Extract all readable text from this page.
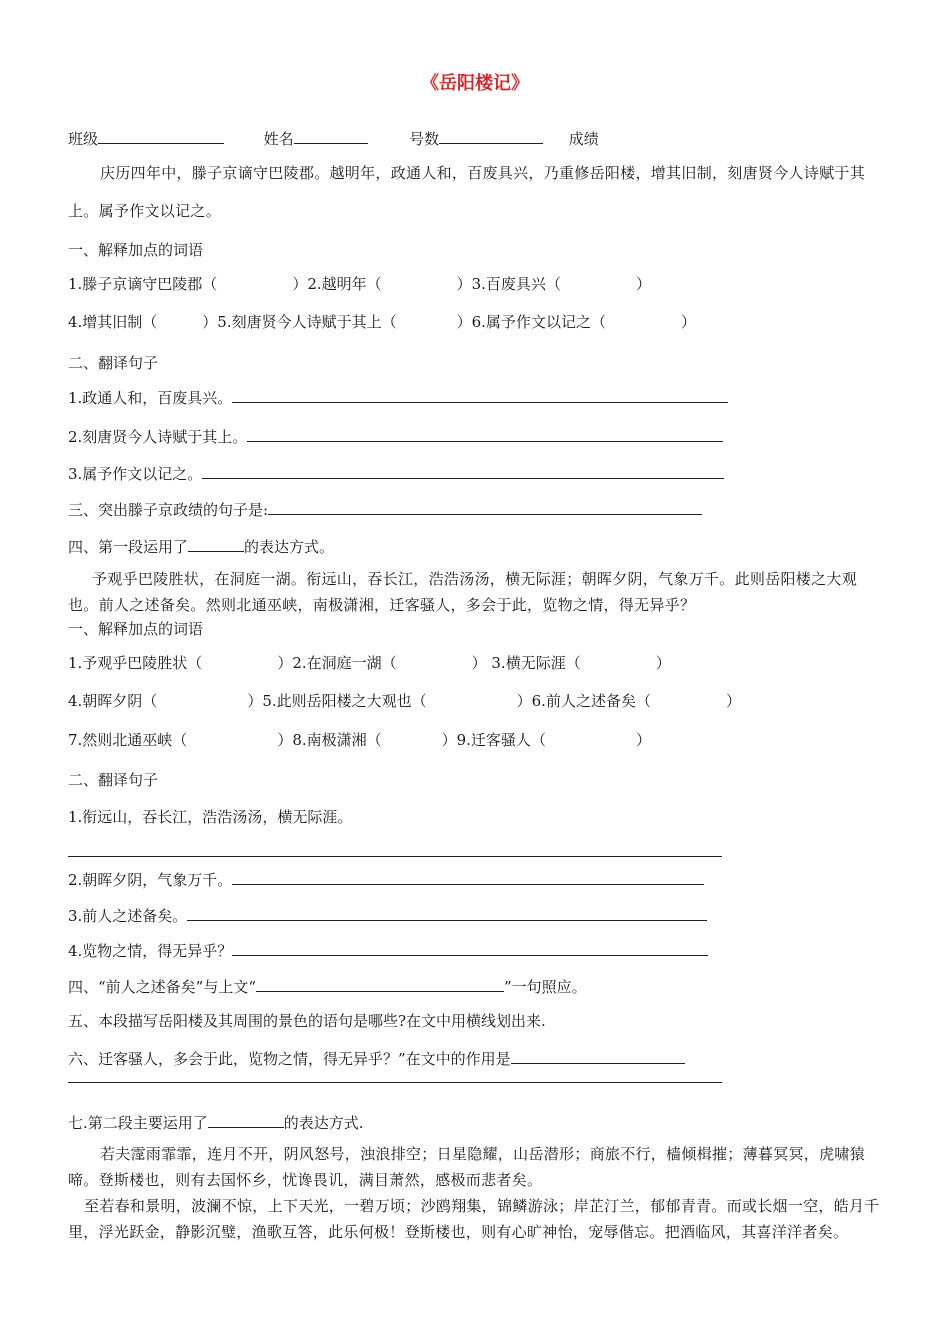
《岳阳楼记》
班级	姓名	号数	成绩
庆历四年中，滕子京谪守巴陵郡。越明年，政通人和，百废具兴，乃重修岳阳楼，增其旧制，刻唐贤今人诗赋于其上。属予作文以记之。
一、解释加点的词语
1.滕子京谪守巴陵郡（　　　　　）2.越明年（　　　　　）3.百废具兴（　　　　　）
4.增其旧制（　　　）5.刻唐贤今人诗赋于其上（　　　　）6.属予作文以记之（　　　　　）
二、翻译句子
1.政通人和，百废具兴。
2.刻唐贤今人诗赋于其上。
3.属予作文以记之。
三、突出滕子京政绩的句子是:
四、第一段运用了	的表达方式。
予观乎巴陵胜状，在洞庭一湖。衔远山，吞长江，浩浩汤汤，横无际涯；朝晖夕阴，气象万千。此则岳阳楼之大观也。前人之述备矣。然则北通巫峡，南极潇湘，迁客骚人，多会于此，览物之情，得无异乎？
一、解释加点的词语
1.予观乎巴陵胜状（　　　　　）2.在洞庭一湖（　　　　　） 3.横无际涯（　　　　　）
4.朝晖夕阴（　　　　　　）5.此则岳阳楼之大观也（　　　　　　）6.前人之述备矣（　　　　　）
7.然则北通巫峡（　　　　　　）8.南极潇湘（　　　　）9.迁客骚人（　　　　　　）
二、翻译句子
1.衔远山，吞长江，浩浩汤汤，横无际涯。
2.朝晖夕阴，气象万千。
3.前人之述备矣。
4.览物之情，得无异乎？
四、“前人之述备矣”与上文“	”一句照应。
五、本段描写岳阳楼及其周围的景色的语句是哪些?在文中用横线划出来.
六、迁客骚人，多会于此，览物之情，得无异乎？”在文中的作用是
七.第二段主要运用了	的表达方式.
若夫霪雨霏霏，连月不开，阴风怒号，浊浪排空；日星隐耀，山岳潜形；商旅不行，樯倾楫摧；薄暮冥冥，虎啸猿啼。登斯楼也，则有去国怀乡，忧谗畏讥，满目萧然，感极而悲者矣。
至若春和景明，波澜不惊，上下天光，一碧万顷；沙鸥翔集，锦鳞游泳；岸芷汀兰，郁郁青青。而或长烟一空，皓月千里，浮光跃金，静影沉璧，渔歌互答，此乐何极！登斯楼也，则有心旷神怡，宠辱偕忘。把酒临风，其喜洋洋者矣。
